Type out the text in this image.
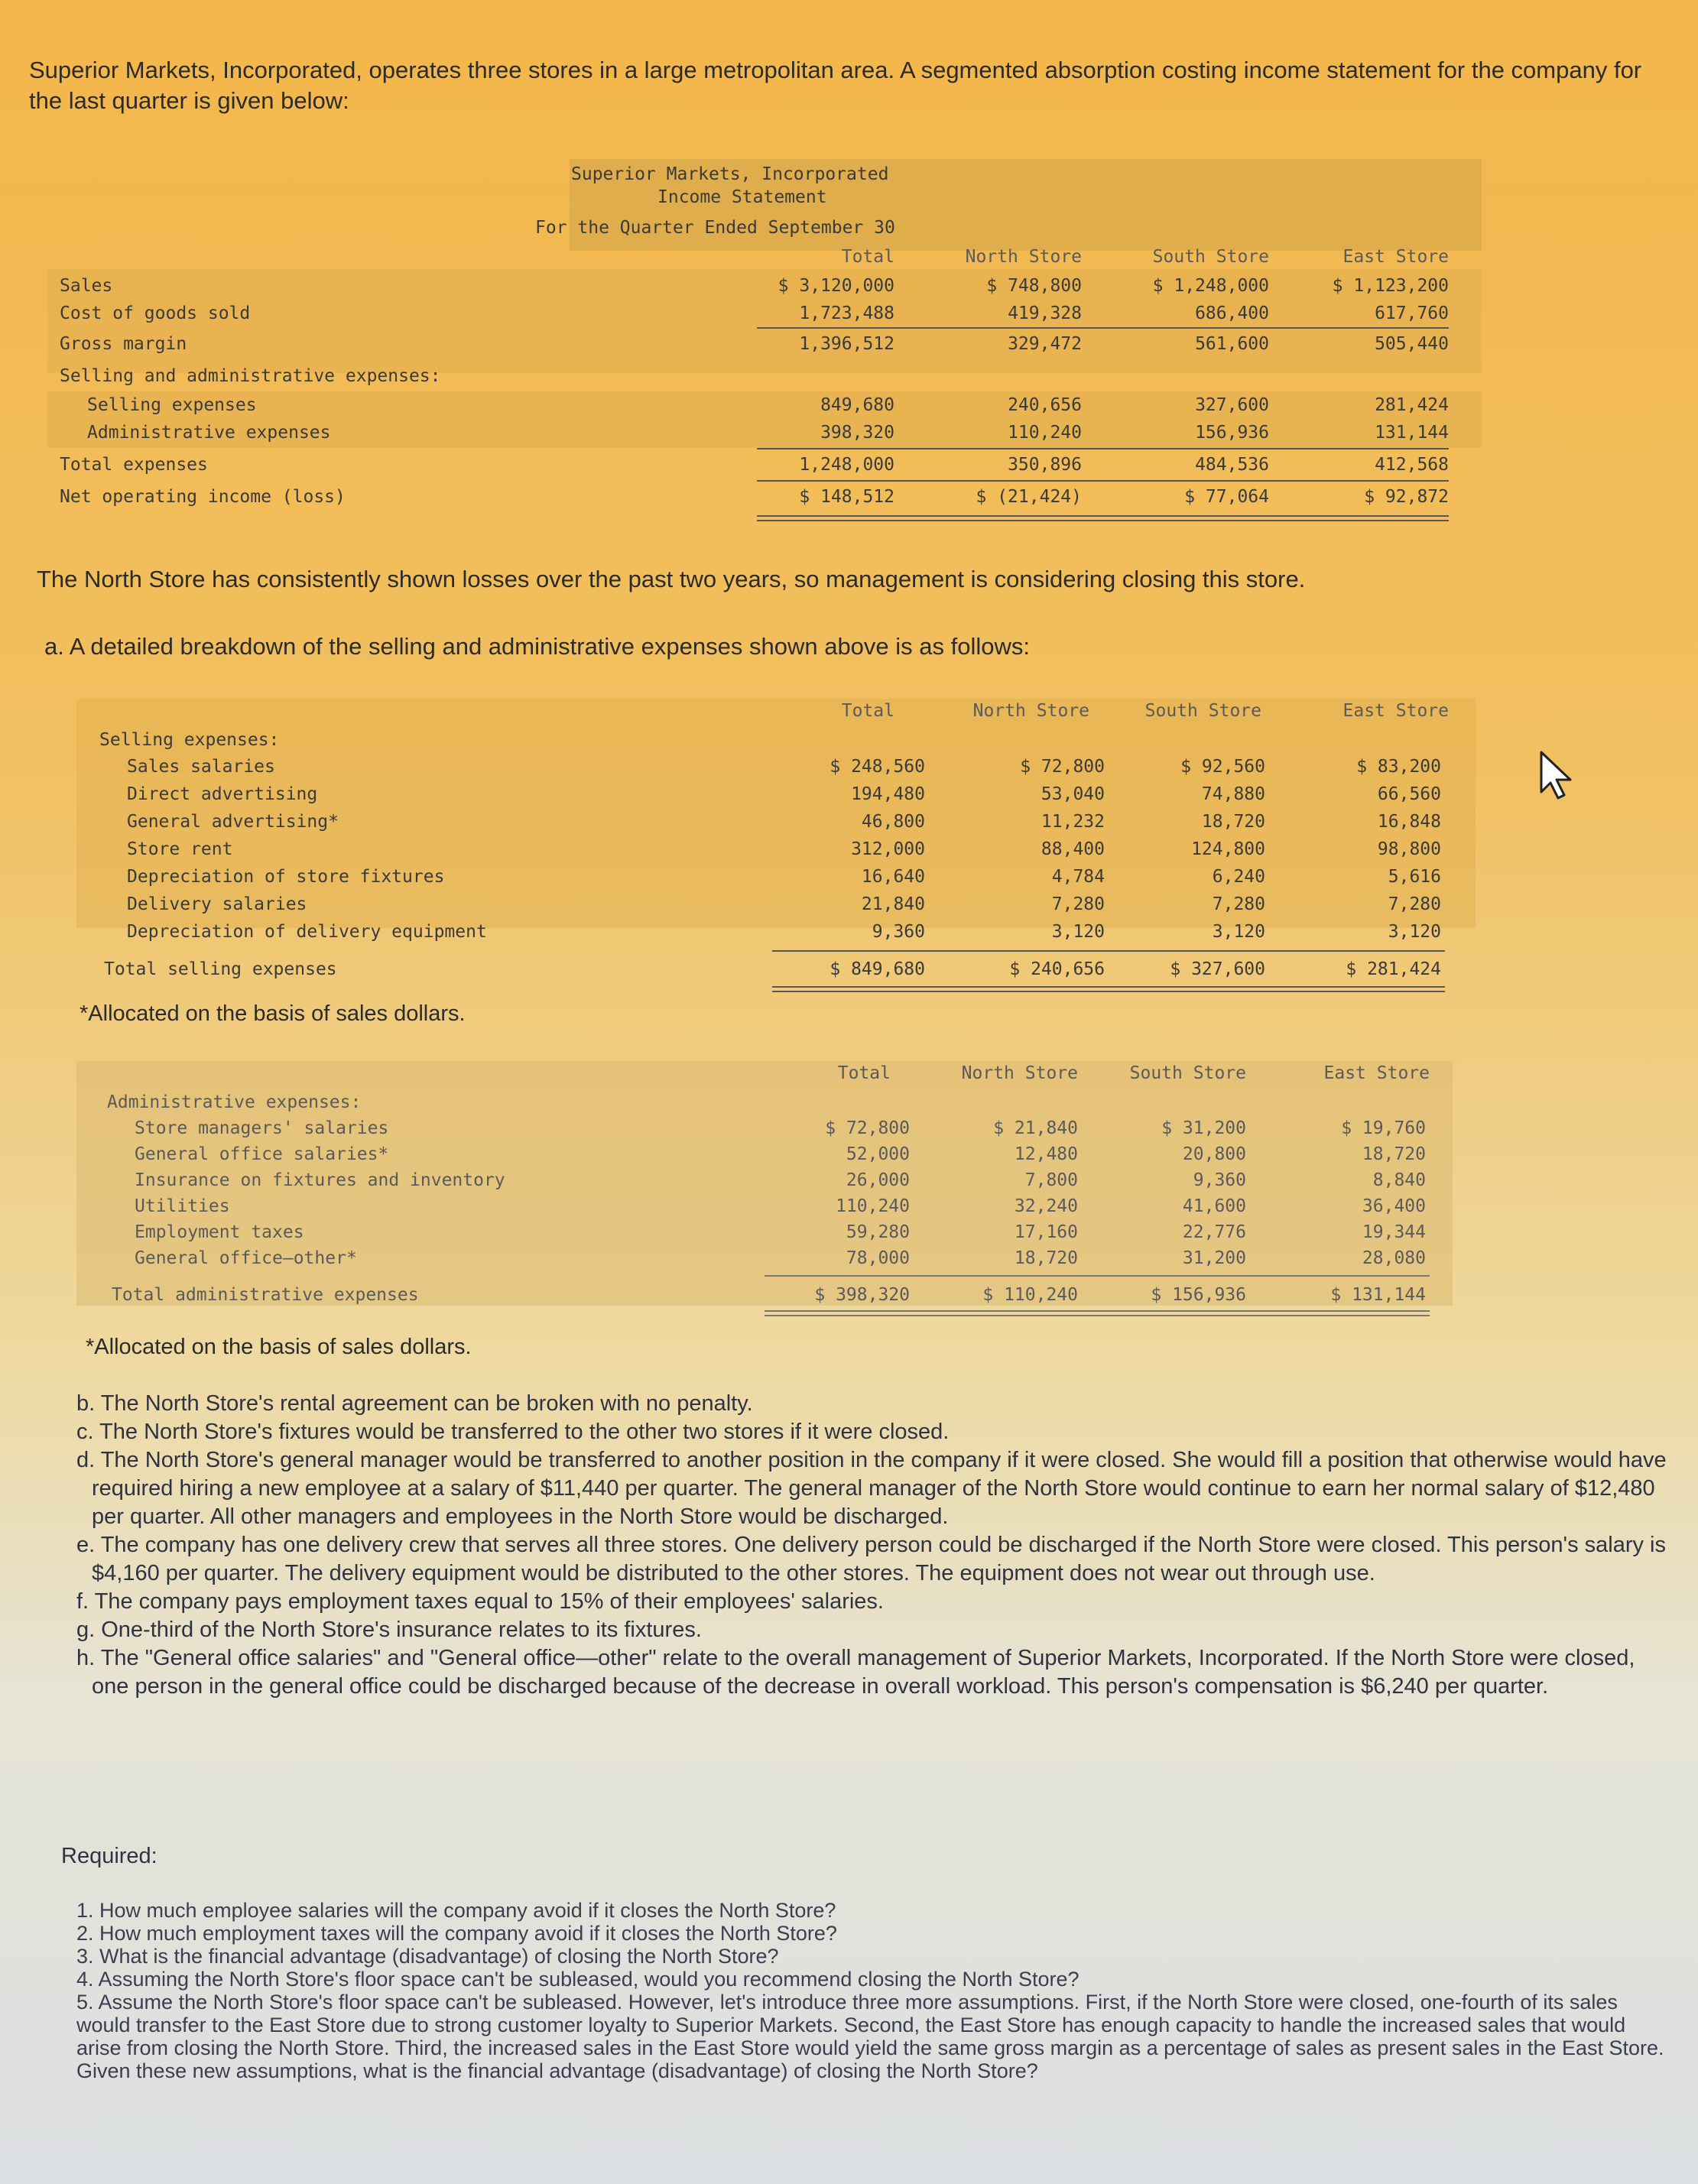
Superior Markets, Incorporated, operates three stores in a large metropolitan area. A segmented absorption costing income statement for the company for the last quarter is given below:
Superior Markets, Incorporated
Income Statement
For the Quarter Ended September 30
Total	North Store	South Store	East Store
Sales	$ 3,120,000	$ 748,800	$ 1,248,000	$ 1,123,200
Cost of goods sold	1,723,488	419,328	686,400	617,760
Gross margin	1,396,512	329,472	561,600	505,440
Selling and administrative expenses:
Selling expenses	849,680	240,656	327,600	281,424
Administrative expenses	398,320	110,240	156,936	131,144
Total expenses	1,248,000	350,896	484,536	412,568
Net operating income (loss)	$ 148,512	$ (21,424)	$ 77,064	$ 92,872
The North Store has consistently shown losses over the past two years, so management is considering closing this store.
a. A detailed breakdown of the selling and administrative expenses shown above is as follows:
Total	North Store	South Store	East Store
Selling expenses:
Sales salaries	$ 248,560	$ 72,800	$ 92,560	$ 83,200
Direct advertising	194,480	53,040	74,880	66,560
General advertising*	46,800	11,232	18,720	16,848
Store rent	312,000	88,400	124,800	98,800
Depreciation of store fixtures	16,640	4,784	6,240	5,616
Delivery salaries	21,840	7,280	7,280	7,280
Depreciation of delivery equipment	9,360	3,120	3,120	3,120
Total selling expenses	$ 849,680	$ 240,656	$ 327,600	$ 281,424
*Allocated on the basis of sales dollars.
Total	North Store	South Store	East Store
Administrative expenses:
Store managers' salaries	$ 72,800	$ 21,840	$ 31,200	$ 19,760
General office salaries*	52,000	12,480	20,800	18,720
Insurance on fixtures and inventory	26,000	7,800	9,360	8,840
Utilities	110,240	32,240	41,600	36,400
Employment taxes	59,280	17,160	22,776	19,344
General office—other*	78,000	18,720	31,200	28,080
Total administrative expenses	$ 398,320	$ 110,240	$ 156,936	$ 131,144
*Allocated on the basis of sales dollars.

b. The North Store's rental agreement can be broken with no penalty.

c. The North Store's fixtures would be transferred to the other two stores if it were closed.

d. The North Store's general manager would be transferred to another position in the company if it were closed. She would fill a position that otherwise would have required hiring a new employee at a salary of $11,440 per quarter. The general manager of the North Store would continue to earn her normal salary of $12,480 per quarter. All other managers and employees in the North Store would be discharged.

e. The company has one delivery crew that serves all three stores. One delivery person could be discharged if the North Store were closed. This person's salary is $4,160 per quarter. The delivery equipment would be distributed to the other stores. The equipment does not wear out through use.

f. The company pays employment taxes equal to 15% of their employees' salaries.

g. One-third of the North Store's insurance relates to its fixtures.

h. The "General office salaries" and "General office—other" relate to the overall management of Superior Markets, Incorporated. If the North Store were closed, one person in the general office could be discharged because of the decrease in overall workload. This person's compensation is $6,240 per quarter.

Required:

1. How much employee salaries will the company avoid if it closes the North Store?

2. How much employment taxes will the company avoid if it closes the North Store?

3. What is the financial advantage (disadvantage) of closing the North Store?

4. Assuming the North Store's floor space can't be subleased, would you recommend closing the North Store?

5. Assume the North Store's floor space can't be subleased. However, let's introduce three more assumptions. First, if the North Store were closed, one-fourth of its sales would transfer to the East Store due to strong customer loyalty to Superior Markets. Second, the East Store has enough capacity to handle the increased sales that would arise from closing the North Store. Third, the increased sales in the East Store would yield the same gross margin as a percentage of sales as present sales in the East Store. Given these new assumptions, what is the financial advantage (disadvantage) of closing the North Store?
